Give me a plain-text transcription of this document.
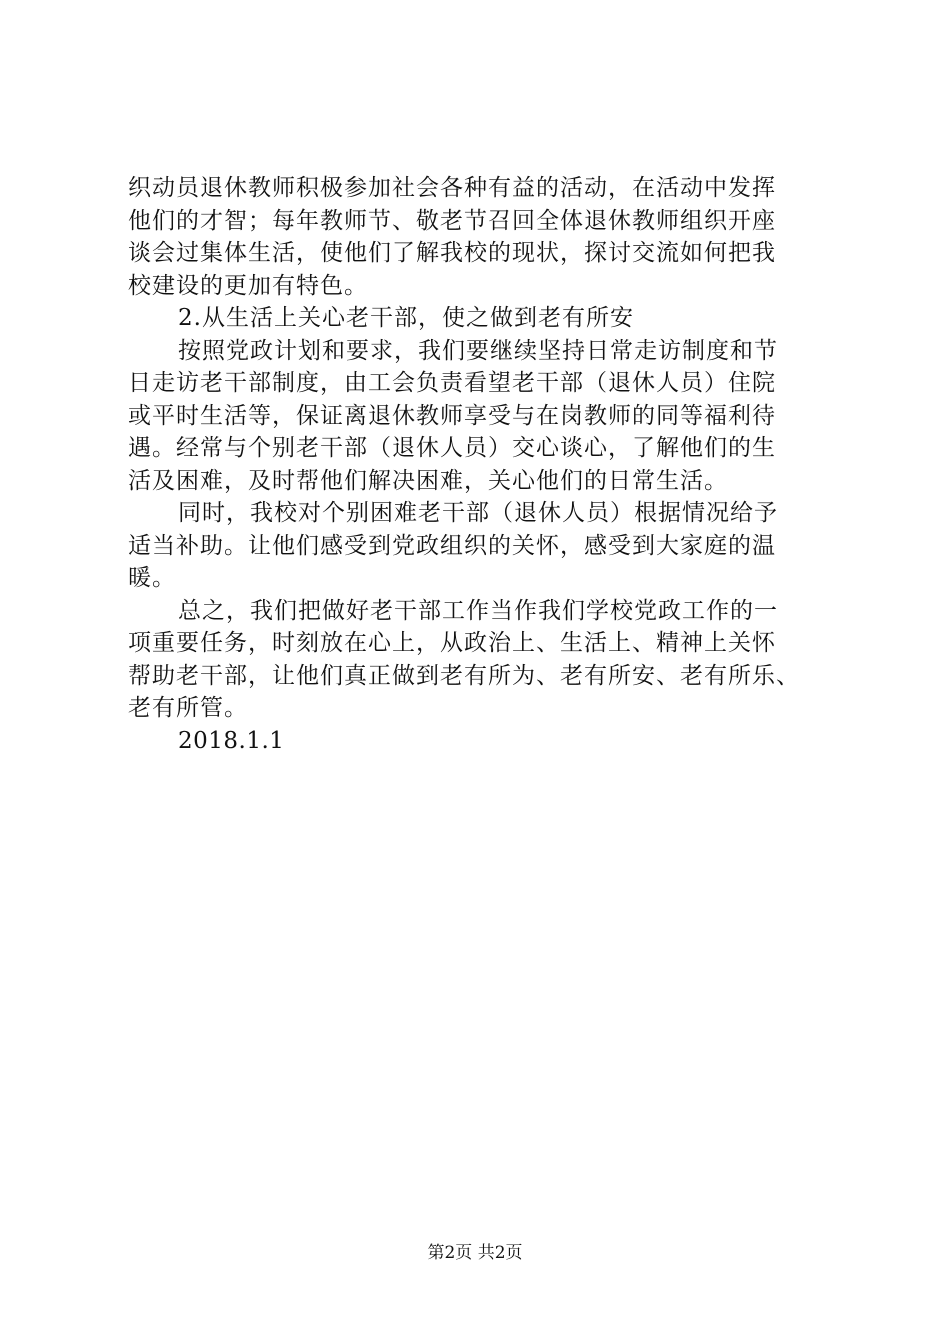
织动员退休教师积极参加社会各种有益的活动，在活动中发挥
他们的才智；每年教师节、敬老节召回全体退休教师组织开座
谈会过集体生活，使他们了解我校的现状，探讨交流如何把我
校建设的更加有特色。
2.从生活上关心老干部，使之做到老有所安
按照党政计划和要求，我们要继续坚持日常走访制度和节
日走访老干部制度，由工会负责看望老干部（退休人员）住院
或平时生活等，保证离退休教师享受与在岗教师的同等福利待
遇。经常与个别老干部（退休人员）交心谈心，了解他们的生
活及困难，及时帮他们解决困难，关心他们的日常生活。
同时，我校对个别困难老干部（退休人员）根据情况给予
适当补助。让他们感受到党政组织的关怀，感受到大家庭的温
暖。
总之，我们把做好老干部工作当作我们学校党政工作的一
项重要任务，时刻放在心上，从政治上、生活上、精神上关怀
帮助老干部，让他们真正做到老有所为、老有所安、老有所乐、
老有所管。
2018.1.1
第2页 共2页
